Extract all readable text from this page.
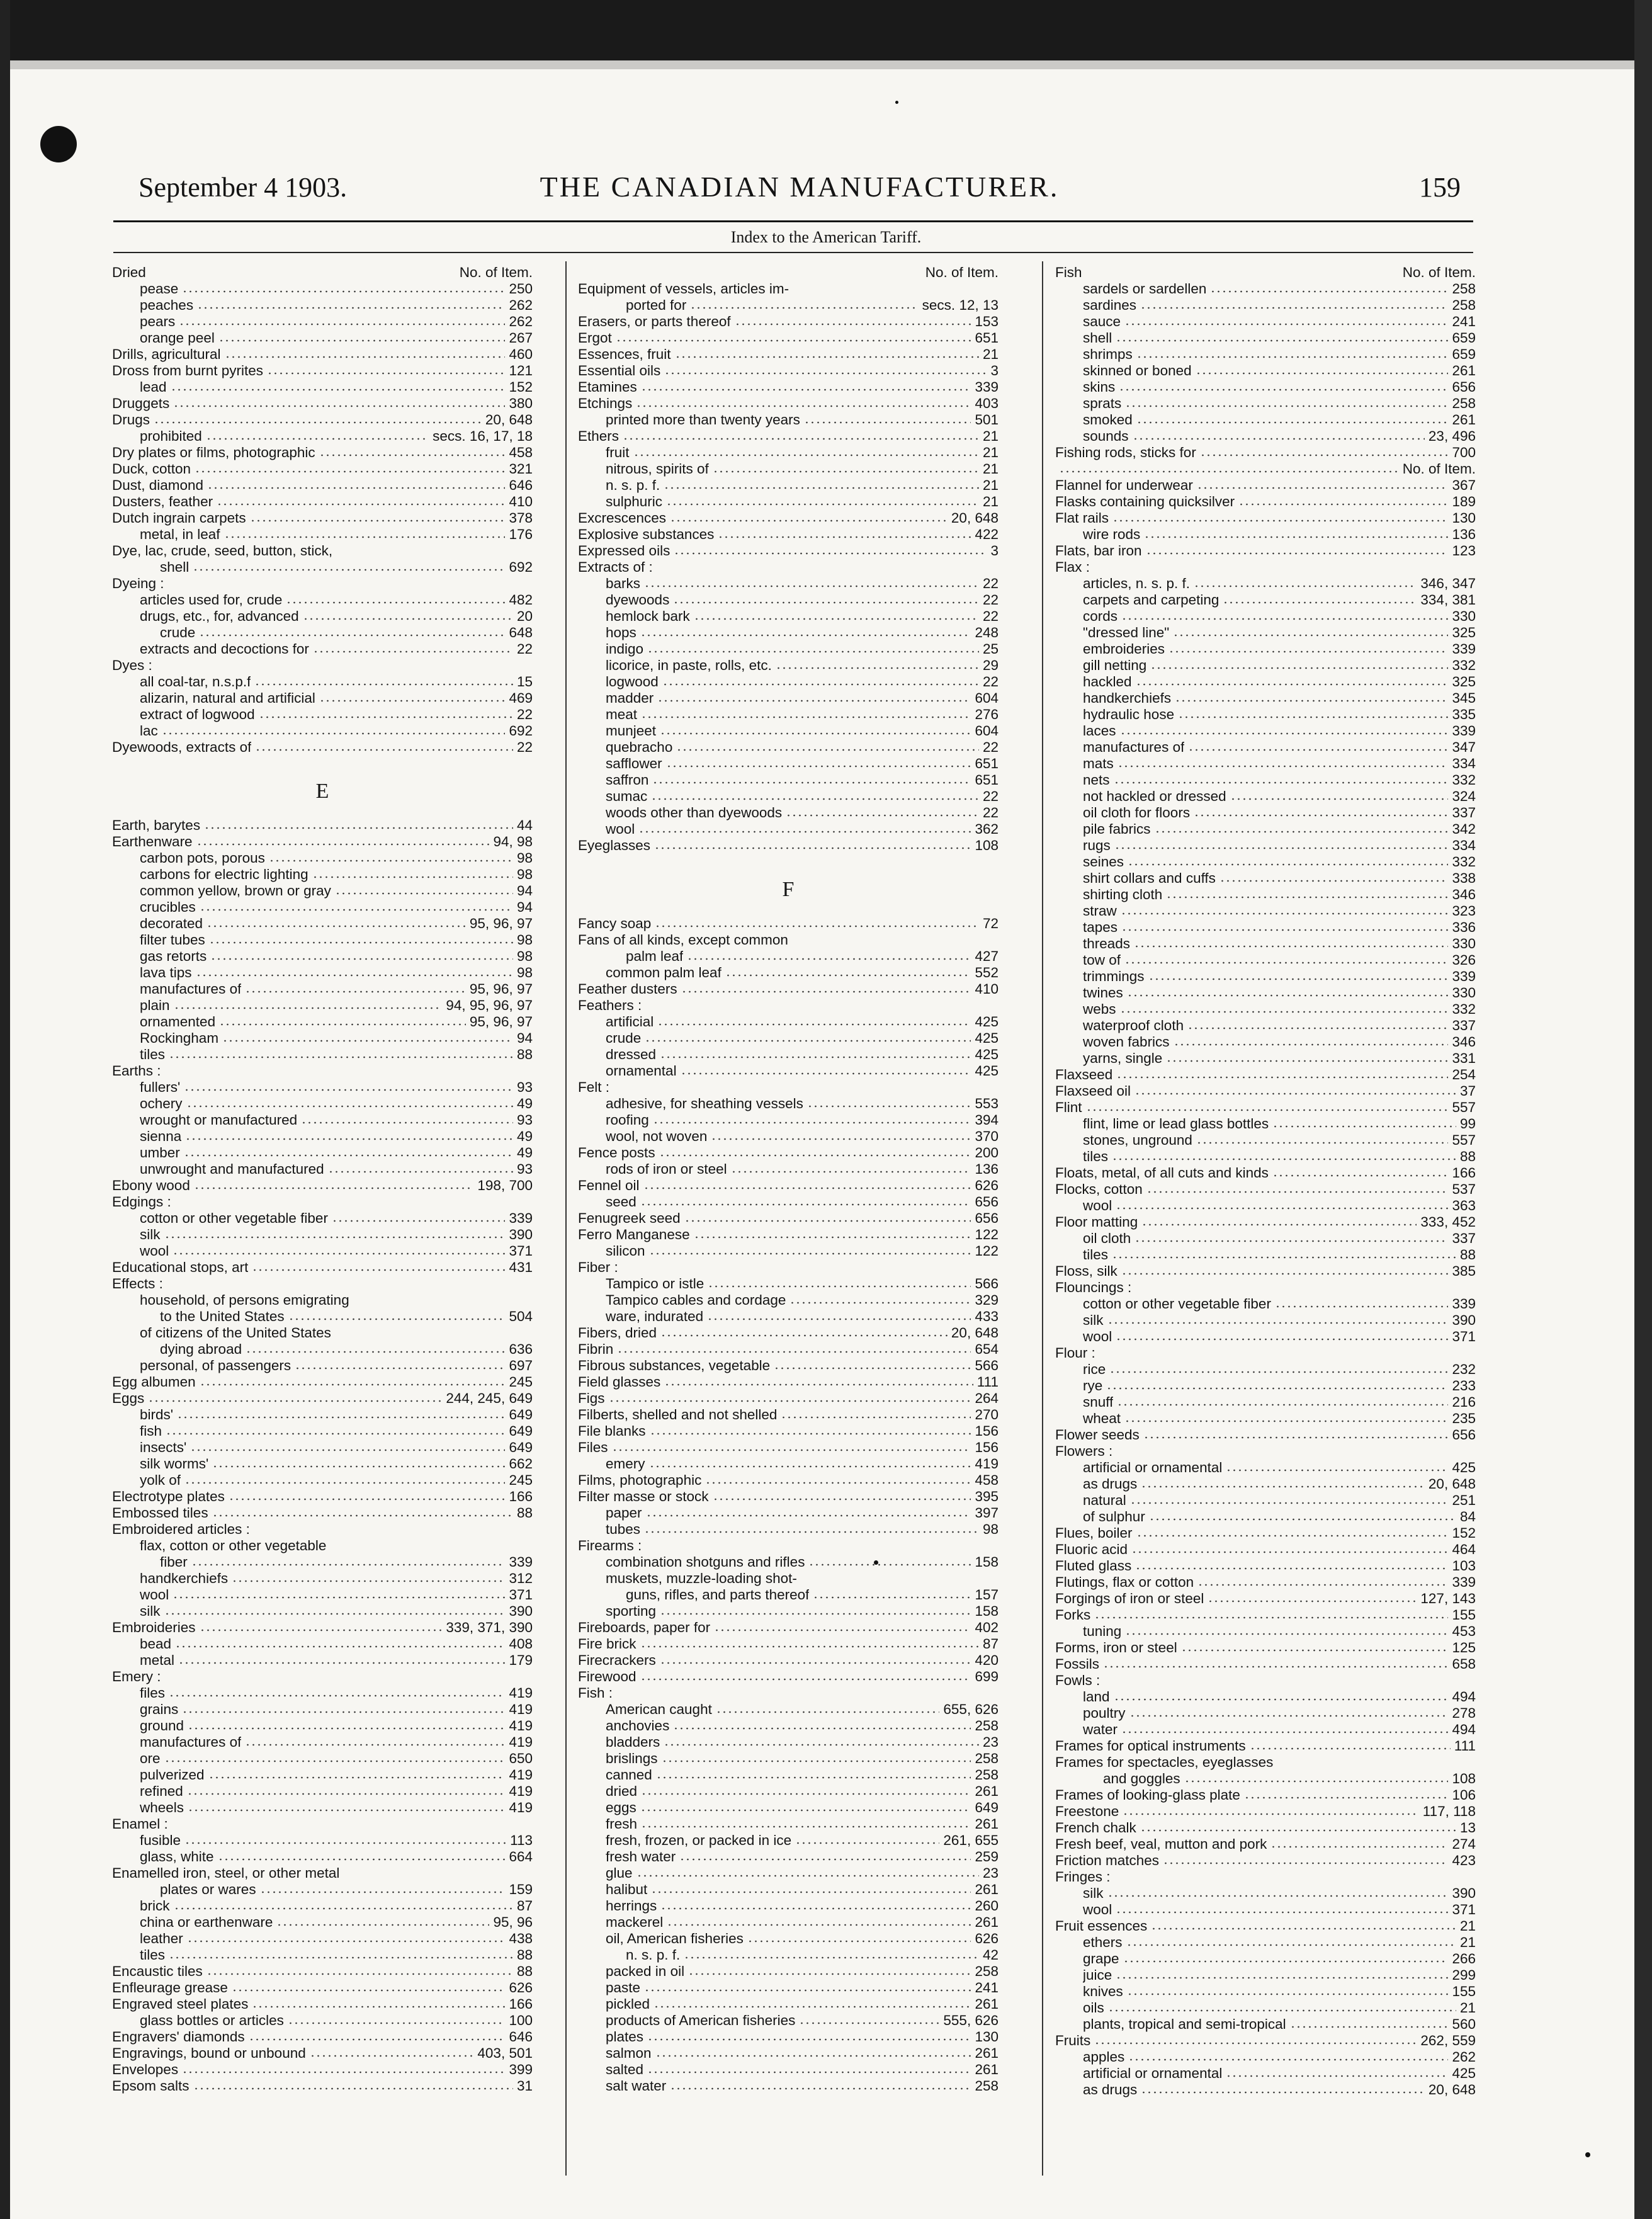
September 4 1903.	THE CANADIAN MANUFACTURER.	159
Index to the American Tariff.
Dried	No. of Item.
pease	250
peaches	262
pears	262
orange peel	267
Drills, agricultural	460
Dross from burnt pyrites	121
lead	152
Druggets	380
Drugs	20, 648
prohibited	secs. 16, 17, 18
Dry plates or films, photographic	458
Duck, cotton	321
Dust, diamond	646
Dusters, feather	410
Dutch ingrain carpets	378
metal, in leaf	176
Dye, lac, crude, seed, button, stick,
shell	692
Dyeing :
articles used for, crude	482
drugs, etc., for, advanced	20
crude	648
extracts and decoctions for	22
Dyes :
all coal-tar, n.s.p.f	15
alizarin, natural and artificial	469
extract of logwood	22
lac	692
Dyewoods, extracts of	22
E
Earth, barytes	44
Earthenware	94, 98
carbon pots, porous	98
carbons for electric lighting	98
common yellow, brown or gray	94
crucibles	94
decorated	95, 96, 97
filter tubes	98
gas retorts	98
lava tips	98
manufactures of	95, 96, 97
plain	94, 95, 96, 97
ornamented	95, 96, 97
Rockingham	94
tiles	88
Earths :
fullers'	93
ochery	49
wrought or manufactured	93
sienna	49
umber	49
unwrought and manufactured	93
Ebony wood	198, 700
Edgings :
cotton or other vegetable fiber	339
silk	390
wool	371
Educational stops, art	431
Effects :
household, of persons emigrating
to the United States	504
of citizens of the United States
dying abroad	636
personal, of passengers	697
Egg albumen	245
Eggs	244, 245, 649
birds'	649
fish	649
insects'	649
silk worms'	662
yolk of	245
Electrotype plates	166
Embossed tiles	88
Embroidered articles :
flax, cotton or other vegetable
fiber	339
handkerchiefs	312
wool	371
silk	390
Embroideries	339, 371, 390
bead	408
metal	179
Emery :
files	419
grains	419
ground	419
manufactures of	419
ore	650
pulverized	419
refined	419
wheels	419
Enamel :
fusible	113
glass, white	664
Enamelled iron, steel, or other metal
plates or wares	159
brick	87
china or earthenware	95, 96
leather	438
tiles	88
Encaustic tiles	88
Enfleurage grease	626
Engraved steel plates	166
glass bottles or articles	100
Engravers' diamonds	646
Engravings, bound or unbound	403, 501
Envelopes	399
Epsom salts	31
No. of Item.
Equipment of vessels, articles im-
ported for	secs. 12, 13
Erasers, or parts thereof	153
Ergot	651
Essences, fruit	21
Essential oils	3
Etamines	339
Etchings	403
printed more than twenty years	501
Ethers	21
fruit	21
nitrous, spirits of	21
n. s. p. f.	21
sulphuric	21
Excrescences	20, 648
Explosive substances	422
Expressed oils	3
Extracts of :
barks	22
dyewoods	22
hemlock bark	22
hops	248
indigo	25
licorice, in paste, rolls, etc.	29
logwood	22
madder	604
meat	276
munjeet	604
quebracho	22
safflower	651
saffron	651
sumac	22
woods other than dyewoods	22
wool	362
Eyeglasses	108
F
Fancy soap	72
Fans of all kinds, except common
palm leaf	427
common palm leaf	552
Feather dusters	410
Feathers :
artificial	425
crude	425
dressed	425
ornamental	425
Felt :
adhesive, for sheathing vessels	553
roofing	394
wool, not woven	370
Fence posts	200
rods of iron or steel	136
Fennel oil	626
seed	656
Fenugreek seed	656
Ferro Manganese	122
silicon	122
Fiber :
Tampico or istle	566
Tampico cables and cordage	329
ware, indurated	433
Fibers, dried	20, 648
Fibrin	654
Fibrous substances, vegetable	566
Field glasses	111
Figs	264
Filberts, shelled and not shelled	270
File blanks	156
Files	156
emery	419
Films, photographic	458
Filter masse or stock	395
paper	397
tubes	98
Firearms :
combination shotguns and rifles	158
muskets, muzzle-loading shot-
guns, rifles, and parts thereof	157
sporting	158
Fireboards, paper for	402
Fire brick	87
Firecrackers	420
Firewood	699
Fish :
American caught	655, 626
anchovies	258
bladders	23
brislings	258
canned	258
dried	261
eggs	649
fresh	261
fresh, frozen, or packed in ice	261, 655
fresh water	259
glue	23
halibut	261
herrings	260
mackerel	261
oil, American fisheries	626
n. s. p. f.	42
packed in oil	258
paste	241
pickled	261
products of American fisheries	555, 626
plates	130
salmon	261
salted	261
salt water	258
Fish	No. of Item.
sardels or sardellen	258
sardines	258
sauce	241
shell	659
shrimps	659
skinned or boned	261
skins	656
sprats	258
smoked	261
sounds	23, 496
Fishing rods, sticks for	700
No. of Item.
Flannel for underwear	367
Flasks containing quicksilver	189
Flat rails	130
wire rods	136
Flats, bar iron	123
Flax :
articles, n. s. p. f.	346, 347
carpets and carpeting	334, 381
cords	330
"dressed line"	325
embroideries	339
gill netting	332
hackled	325
handkerchiefs	345
hydraulic hose	335
laces	339
manufactures of	347
mats	334
nets	332
not hackled or dressed	324
oil cloth for floors	337
pile fabrics	342
rugs	334
seines	332
shirt collars and cuffs	338
shirting cloth	346
straw	323
tapes	336
threads	330
tow of	326
trimmings	339
twines	330
webs	332
waterproof cloth	337
woven fabrics	346
yarns, single	331
Flaxseed	254
Flaxseed oil	37
Flint	557
flint, lime or lead glass bottles	99
stones, unground	557
tiles	88
Floats, metal, of all cuts and kinds	166
Flocks, cotton	537
wool	363
Floor matting	333, 452
oil cloth	337
tiles	88
Floss, silk	385
Flouncings :
cotton or other vegetable fiber	339
silk	390
wool	371
Flour :
rice	232
rye	233
snuff	216
wheat	235
Flower seeds	656
Flowers :
artificial or ornamental	425
as drugs	20, 648
natural	251
of sulphur	84
Flues, boiler	152
Fluoric acid	464
Fluted glass	103
Flutings, flax or cotton	339
Forgings of iron or steel	127, 143
Forks	155
tuning	453
Forms, iron or steel	125
Fossils	658
Fowls :
land	494
poultry	278
water	494
Frames for optical instruments	111
Frames for spectacles, eyeglasses
and goggles	108
Frames of looking-glass plate	106
Freestone	117, 118
French chalk	13
Fresh beef, veal, mutton and pork	274
Friction matches	423
Fringes :
silk	390
wool	371
Fruit essences	21
ethers	21
grape	266
juice	299
knives	155
oils	21
plants, tropical and semi-tropical	560
Fruits	262, 559
apples	262
artificial or ornamental	425
as drugs	20, 648
